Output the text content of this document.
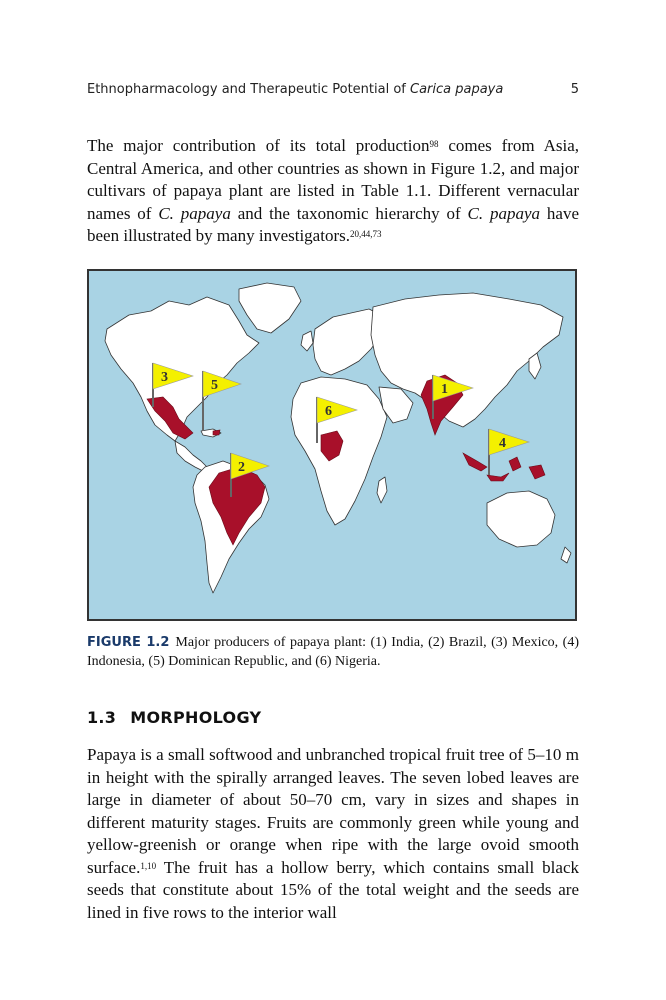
Ethnopharmacology and Therapeutic Potential of Carica papaya	5
The major contribution of its total production$^{98}$ comes from Asia, Central America, and other countries as shown in Figure 1.2, and major cultivars of papaya plant are listed in Table 1.1. Different vernacular names of C. papaya and the taxonomic hierarchy of C. papaya have been illustrated by many investigators.$^{20,44,73}$
1
2
3
4
5
6
FIGURE 1.2 Major producers of papaya plant: (1) India, (2) Brazil, (3) Mexico, (4) Indonesia, (5) Dominican Republic, and (6) Nigeria.
1.3 MORPHOLOGY
Papaya is a small softwood and unbranched tropical fruit tree of 5–10 m in height with the spirally arranged leaves. The seven lobed leaves are large in diameter of about 50–70 cm, vary in sizes and shapes in different maturity stages. Fruits are commonly green while young and yellow-greenish or orange when ripe with the large ovoid smooth surface.$^{1,10}$ The fruit has a hollow berry, which contains small black seeds that constitute about 15% of the total weight and the seeds are lined in five rows to the interior wall
